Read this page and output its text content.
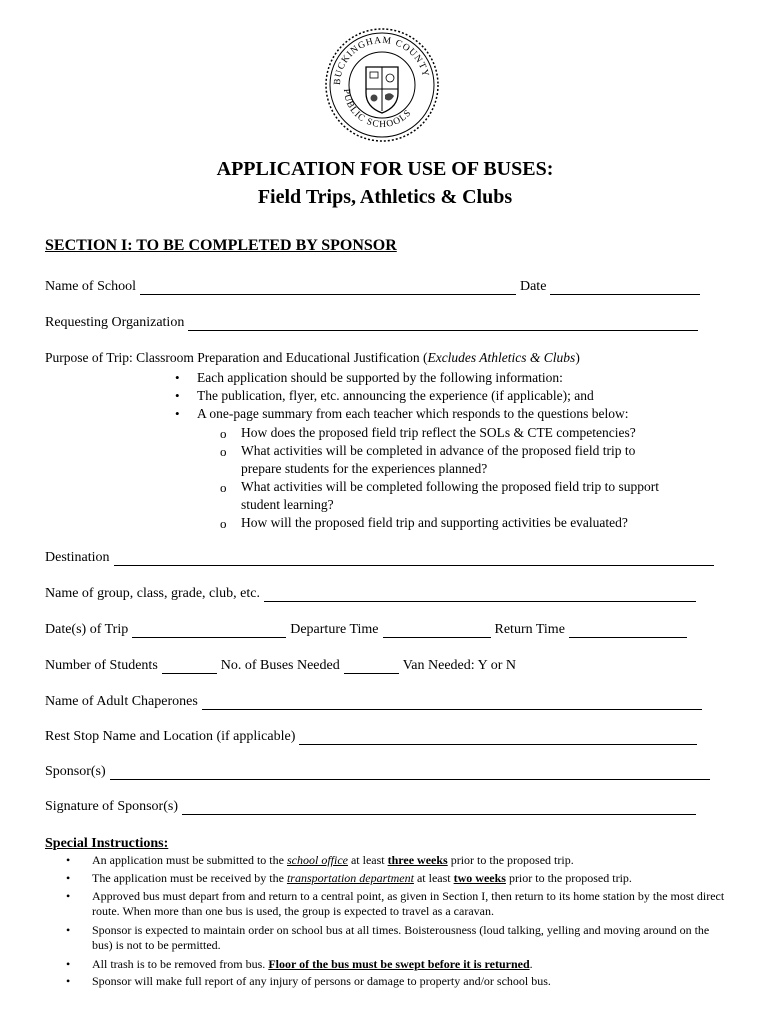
BUCKINGHAM COUNTY
PUBLIC SCHOOLS
APPLICATION FOR USE OF BUSES:
Field Trips, Athletics & Clubs
SECTION I: TO BE COMPLETED BY SPONSOR
Name of School	Date
Requesting Organization
Purpose of Trip: Classroom Preparation and Educational Justification (Excludes Athletics & Clubs)
• Each application should be supported by the following information:
• The publication, flyer, etc. announcing the experience (if applicable); and
• A one-page summary from each teacher which responds to the questions below:
o How does the proposed field trip reflect the SOLs & CTE competencies?
o What activities will be completed in advance of the proposed field trip to
prepare students for the experiences planned?
o What activities will be completed following the proposed field trip to support
student learning?
o How will the proposed field trip and supporting activities be evaluated?
Destination
Name of group, class, grade, club, etc.
Date(s) of Trip	Departure Time	Return Time
Number of Students	No. of Buses Needed	Van Needed: Y or N
Name of Adult Chaperones
Rest Stop Name and Location (if applicable)
Sponsor(s)
Signature of Sponsor(s)
Special Instructions:
• An application must be submitted to the school office at least three weeks prior to the proposed trip.
• The application must be received by the transportation department at least two weeks prior to the proposed trip.
• Approved bus must depart from and return to a central point, as given in Section I, then return to its home station by the most direct route. When more than one bus is used, the group is expected to travel as a caravan.
• Sponsor is expected to maintain order on school bus at all times. Boisterousness (loud talking, yelling and moving around on the bus) is not to be permitted.
• All trash is to be removed from bus. Floor of the bus must be swept before it is returned.
• Sponsor will make full report of any injury of persons or damage to property and/or school bus.
